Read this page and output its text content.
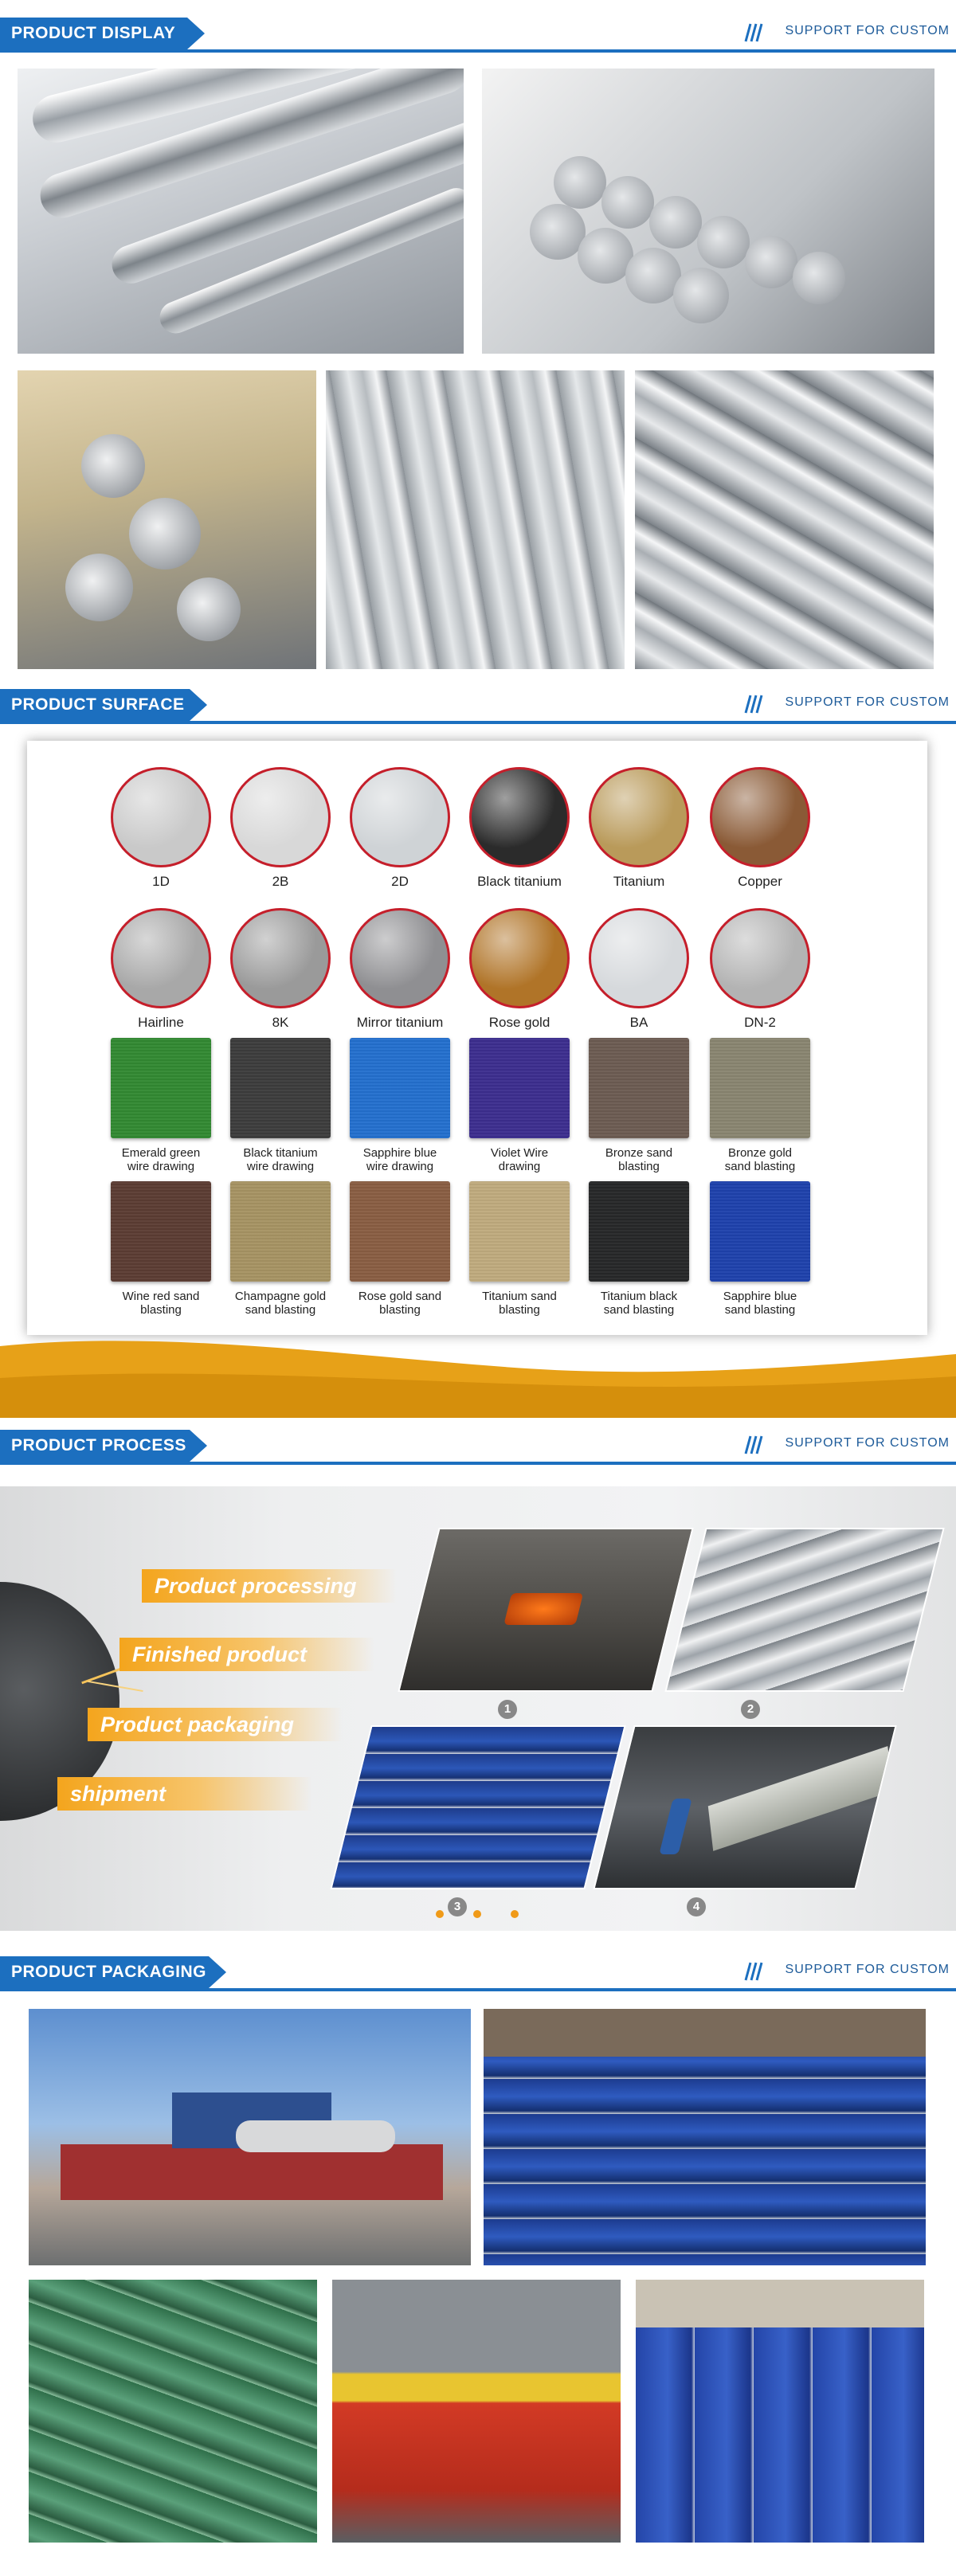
PRODUCT DISPLAY	SUPPORT FOR CUSTOM
PRODUCT SURFACE	SUPPORT FOR CUSTOM
1D	2B	2D	Black titanium	Titanium	Copper
Hairline	8K	Mirror titanium	Rose gold	BA	DN-2
Emerald green
wire drawing
Black titanium
wire drawing
Sapphire blue
wire drawing
Violet Wire
drawing
Bronze sand
blasting
Bronze gold
sand blasting
Wine red sand
blasting
Champagne gold
sand blasting
Rose gold sand
blasting
Titanium sand
blasting
Titanium black
sand blasting
Sapphire blue
sand blasting
PRODUCT PROCESS	SUPPORT FOR CUSTOM
Product processing
Finished product
Product packaging
shipment
1	2
3	4
PRODUCT PACKAGING	SUPPORT FOR CUSTOM
